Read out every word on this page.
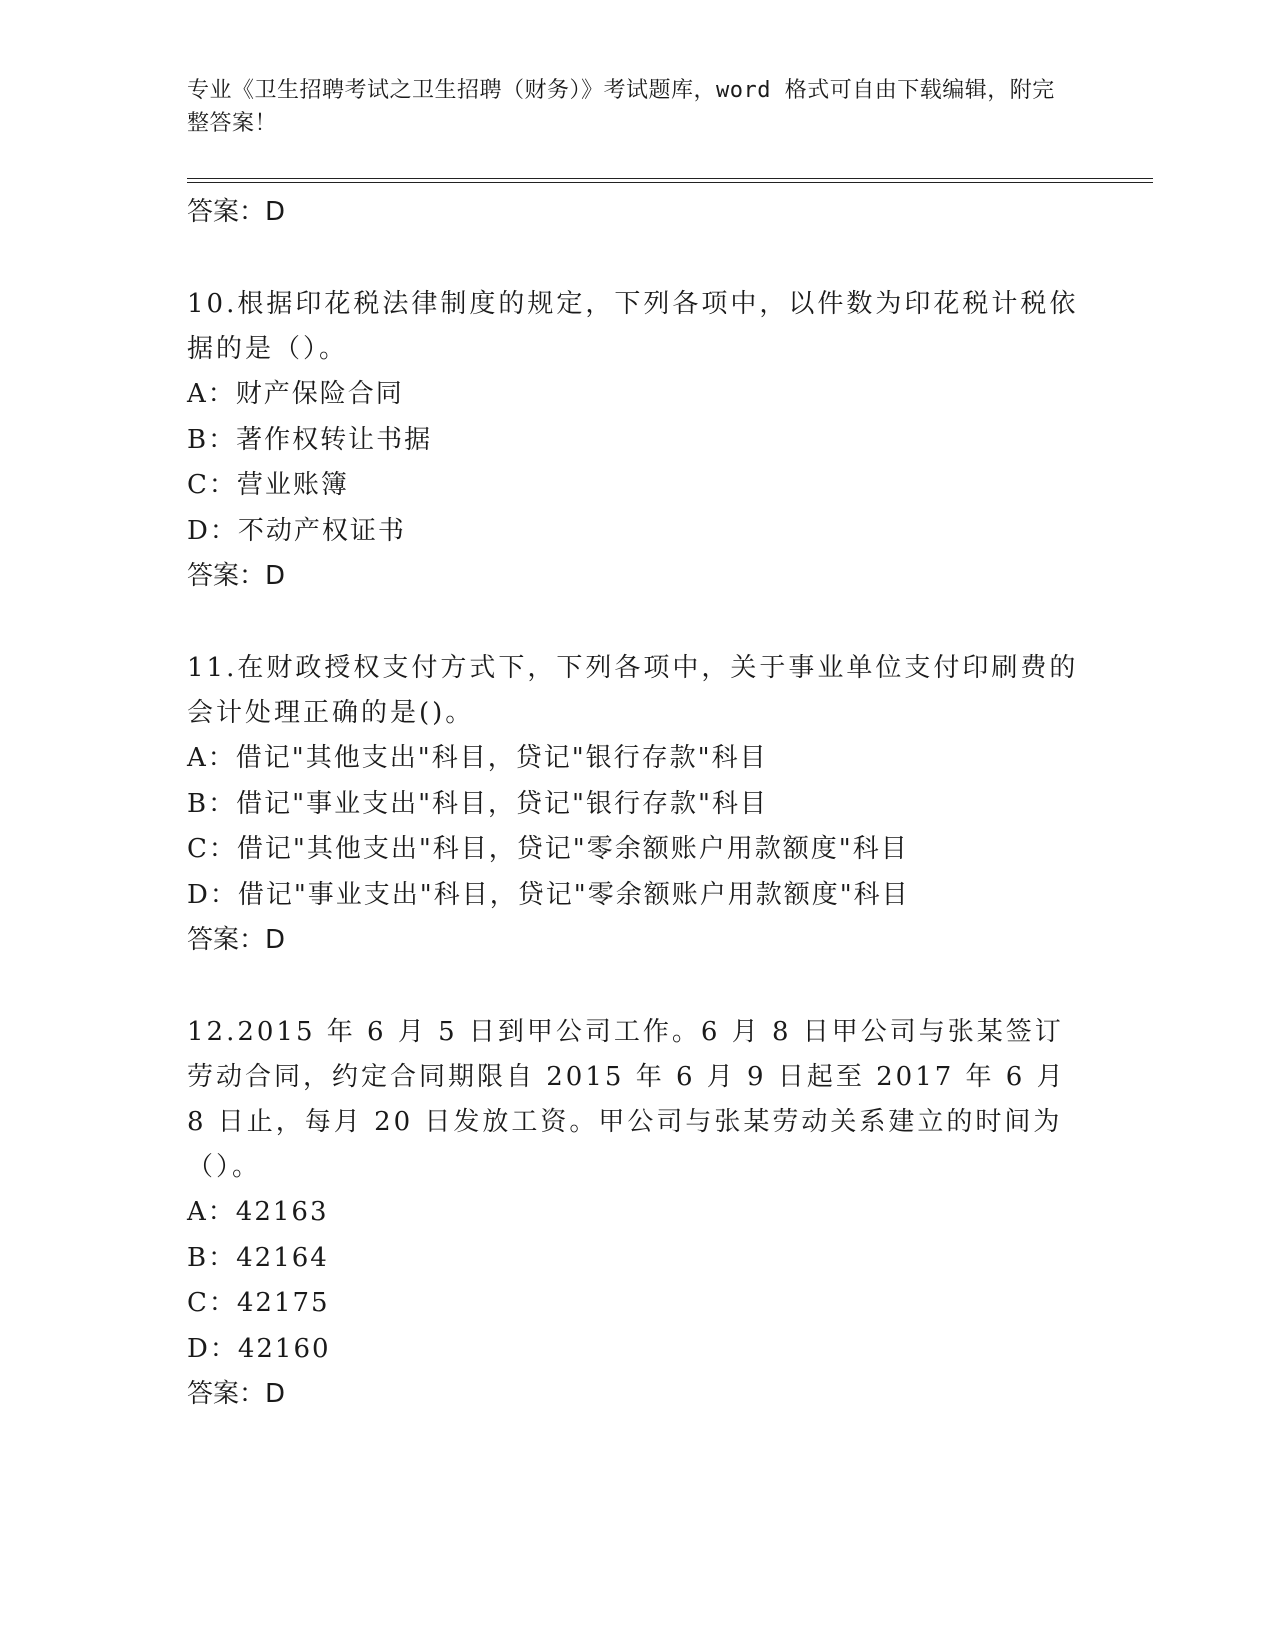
专业《卫生招聘考试之卫生招聘（财务）》考试题库，word 格式可自由下载编辑，附完整答案！
答案：D
10.根据印花税法律制度的规定，下列各项中，以件数为印花税计税依据的是（）。
A：财产保险合同
B：著作权转让书据
C：营业账簿
D：不动产权证书
答案：D
11.在财政授权支付方式下，下列各项中，关于事业单位支付印刷费的会计处理正确的是()。
A：借记"其他支出"科目，贷记"银行存款"科目
B：借记"事业支出"科目，贷记"银行存款"科目
C：借记"其他支出"科目，贷记"零余额账户用款额度"科目
D：借记"事业支出"科目，贷记"零余额账户用款额度"科目
答案：D
12.2015 年 6 月 5 日到甲公司工作。6 月 8 日甲公司与张某签订劳动合同，约定合同期限自 2015 年 6 月 9 日起至 2017 年 6 月 8 日止，每月 20 日发放工资。甲公司与张某劳动关系建立的时间为（）。
A：42163
B：42164
C：42175
D：42160
答案：D
